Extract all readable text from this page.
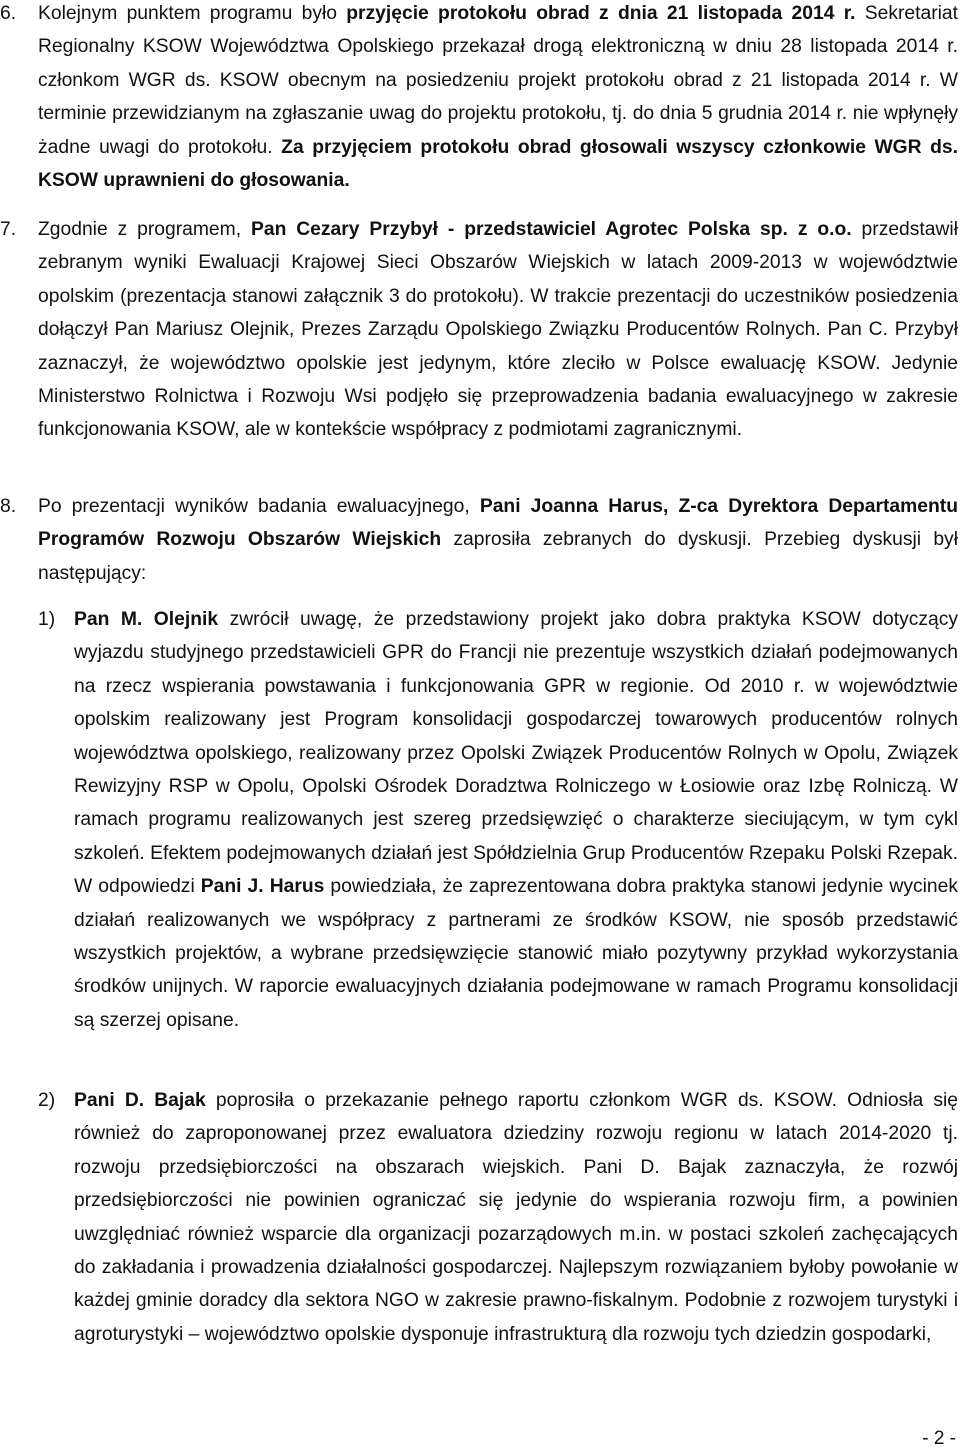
6. Kolejnym punktem programu było przyjęcie protokołu obrad z dnia 21 listopada 2014 r. Sekretariat Regionalny KSOW Województwa Opolskiego przekazał drogą elektroniczną w dniu 28 listopada 2014 r. członkom WGR ds. KSOW obecnym na posiedzeniu projekt protokołu obrad z 21 listopada 2014 r. W terminie przewidzianym na zgłaszanie uwag do projektu protokołu, tj. do dnia 5 grudnia 2014 r. nie wpłynęły żadne uwagi do protokołu. Za przyjęciem protokołu obrad głosowali wszyscy członkowie WGR ds. KSOW uprawnieni do głosowania.
7. Zgodnie z programem, Pan Cezary Przybył - przedstawiciel Agrotec Polska sp. z o.o. przedstawił zebranym wyniki Ewaluacji Krajowej Sieci Obszarów Wiejskich w latach 2009-2013 w województwie opolskim (prezentacja stanowi załącznik 3 do protokołu). W trakcie prezentacji do uczestników posiedzenia dołączył Pan Mariusz Olejnik, Prezes Zarządu Opolskiego Związku Producentów Rolnych. Pan C. Przybył zaznaczył, że województwo opolskie jest jedynym, które zleciło w Polsce ewaluację KSOW. Jedynie Ministerstwo Rolnictwa i Rozwoju Wsi podjęło się przeprowadzenia badania ewaluacyjnego w zakresie funkcjonowania KSOW, ale w kontekście współpracy z podmiotami zagranicznymi.
8. Po prezentacji wyników badania ewaluacyjnego, Pani Joanna Harus, Z-ca Dyrektora Departamentu Programów Rozwoju Obszarów Wiejskich zaprosiła zebranych do dyskusji. Przebieg dyskusji był następujący:
1) Pan M. Olejnik zwrócił uwagę, że przedstawiony projekt jako dobra praktyka KSOW dotyczący wyjazdu studyjnego przedstawicieli GPR do Francji nie prezentuje wszystkich działań podejmowanych na rzecz wspierania powstawania i funkcjonowania GPR w regionie. Od 2010 r. w województwie opolskim realizowany jest Program konsolidacji gospodarczej towarowych producentów rolnych województwa opolskiego, realizowany przez Opolski Związek Producentów Rolnych w Opolu, Związek Rewizyjny RSP w Opolu, Opolski Ośrodek Doradztwa Rolniczego w Łosiowie oraz Izbę Rolniczą. W ramach programu realizowanych jest szereg przedsięwzięć o charakterze sieciującym, w tym cykl szkoleń. Efektem podejmowanych działań jest Spółdzielnia Grup Producentów Rzepaku Polski Rzepak. W odpowiedzi Pani J. Harus powiedziała, że zaprezentowana dobra praktyka stanowi jedynie wycinek działań realizowanych we współpracy z partnerami ze środków KSOW, nie sposób przedstawić wszystkich projektów, a wybrane przedsięwzięcie stanowić miało pozytywny przykład wykorzystania środków unijnych. W raporcie ewaluacyjnych działania podejmowane w ramach Programu konsolidacji są szerzej opisane.
2) Pani D. Bajak poprosiła o przekazanie pełnego raportu członkom WGR ds. KSOW. Odniosła się również do zaproponowanej przez ewaluatora dziedziny rozwoju regionu w latach 2014-2020 tj. rozwoju przedsiębiorczości na obszarach wiejskich. Pani D. Bajak zaznaczyła, że rozwój przedsiębiorczości nie powinien ograniczać się jedynie do wspierania rozwoju firm, a powinien uwzględniać również wsparcie dla organizacji pozarządowych m.in. w postaci szkoleń zachęcających do zakładania i prowadzenia działalności gospodarczej. Najlepszym rozwiązaniem byłoby powołanie w każdej gminie doradcy dla sektora NGO w zakresie prawno-fiskalnym. Podobnie z rozwojem turystyki i agroturystyki – województwo opolskie dysponuje infrastrukturą dla rozwoju tych dziedzin gospodarki,
- 2 -
